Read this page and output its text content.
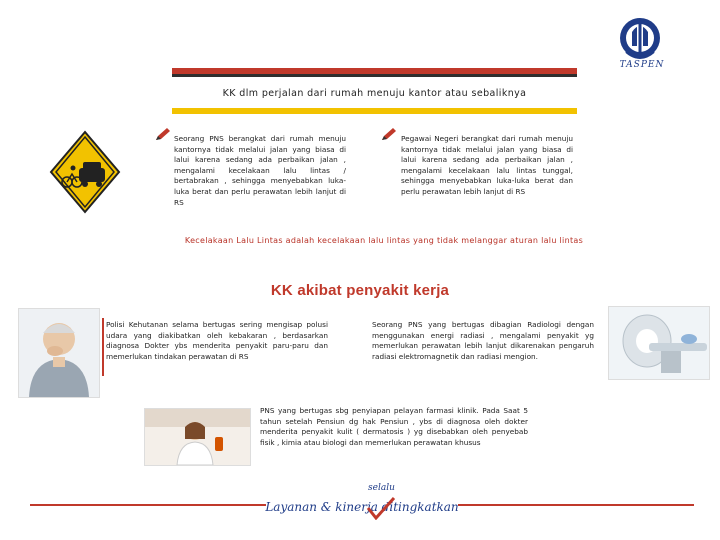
KK dlm perjalan dari rumah menuju kantor atau sebaliknya
TASPEN
Seorang PNS berangkat dari rumah menuju kantornya tidak melalui jalan yang biasa di lalui karena sedang ada perbaikan jalan , mengalami kecelakaan lalu lintas / bertabrakan , sehingga menyebabkan luka-luka berat dan perlu perawatan lebih lanjut di RS
Pegawai Negeri berangkat dari rumah menuju kantornya tidak melalui jalan yang biasa di lalui karena sedang ada perbaikan jalan , mengalami kecelakaan lalu lintas tunggal, sehingga menyebabkan luka-luka berat dan perlu perawatan lebih lanjut di RS
Kecelakaan Lalu Lintas adalah kecelakaan lalu lintas yang tidak melanggar aturan lalu lintas
KK akibat penyakit kerja
Polisi Kehutanan selama bertugas sering mengisap polusi udara yang diakibatkan oleh kebakaran , berdasarkan diagnosa Dokter ybs menderita penyakit paru-paru dan memerlukan tindakan perawatan di RS
Seorang PNS yang bertugas dibagian Radiologi dengan menggunakan energi radiasi , mengalami penyakit yg memerlukan perawatan lebih lanjut dikarenakan pengaruh radiasi elektromagnetik dan radiasi mengion.
PNS yang bertugas sbg penyiapan pelayan farmasi klinik. Pada Saat 5 tahun setelah Pensiun dg hak Pensiun , ybs di diagnosa oleh dokter menderita penyakit kulit ( dermatosis ) yg disebabkan oleh penyebab fisik , kimia atau biologi dan memerlukan perawatan khusus
selalu
Layanan & kinerja ditingkatkan
